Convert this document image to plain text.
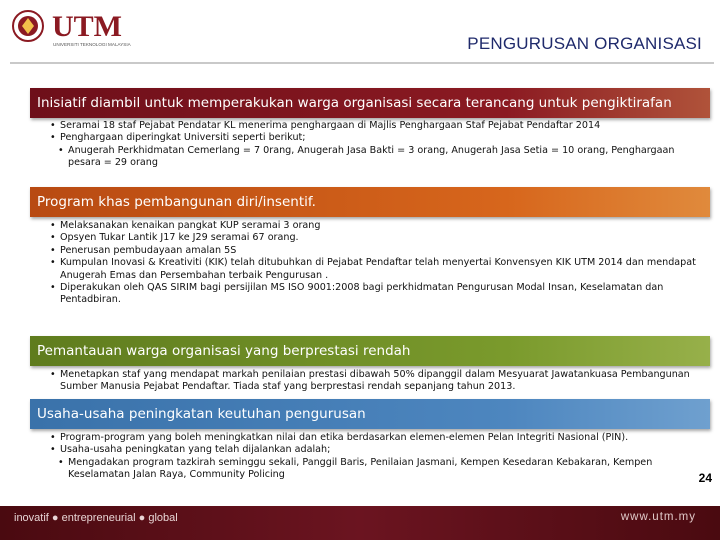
UTM
UNIVERSITI TEKNOLOGI MALAYSIA	PENGURUSAN ORGANISASI
Inisiatif diambil untuk memperakukan warga organisasi secara terancang untuk pengiktirafan
• Seramai 18 staf Pejabat Pendatar KL menerima penghargaan di Majlis Penghargaan Staf Pejabat Pendaftar 2014
• Penghargaan diperingkat Universiti seperti berikut;
• Anugerah Perkhidmatan Cemerlang = 7 0rang, Anugerah Jasa Bakti = 3 orang, Anugerah Jasa Setia = 10 orang, Penghargaan pesara = 29 orang
Program khas pembangunan diri/insentif.
• Melaksanakan kenaikan pangkat KUP seramai 3 orang
• Opsyen Tukar Lantik J17 ke J29 seramai 67 orang.
• Penerusan pembudayaan amalan 5S
• Kumpulan Inovasi & Kreativiti (KIK) telah ditubuhkan di Pejabat Pendaftar telah menyertai Konvensyen KIK UTM 2014 dan mendapat Anugerah Emas dan Persembahan terbaik Pengurusan .
• Diperakukan oleh QAS SIRIM bagi persijilan MS ISO 9001:2008 bagi perkhidmatan Pengurusan Modal Insan, Keselamatan dan Pentadbiran.
Pemantauan warga organisasi yang berprestasi rendah
• Menetapkan staf yang mendapat markah penilaian prestasi dibawah 50% dipanggil dalam Mesyuarat Jawatankuasa Pembangunan Sumber Manusia Pejabat Pendaftar. Tiada staf yang berprestasi rendah sepanjang tahun 2013.
Usaha-usaha peningkatan keutuhan pengurusan
• Program-program yang boleh meningkatkan nilai dan etika berdasarkan elemen-elemen Pelan Integriti Nasional (PIN).
• Usaha-usaha peningkatan yang telah dijalankan adalah;
• Mengadakan program tazkirah seminggu sekali, Panggil Baris, Penilaian Jasmani, Kempen Kesedaran Kebakaran, Kempen Keselamatan Jalan Raya, Community Policing	24
inovatif ● entrepreneurial ● global	www.utm.my
